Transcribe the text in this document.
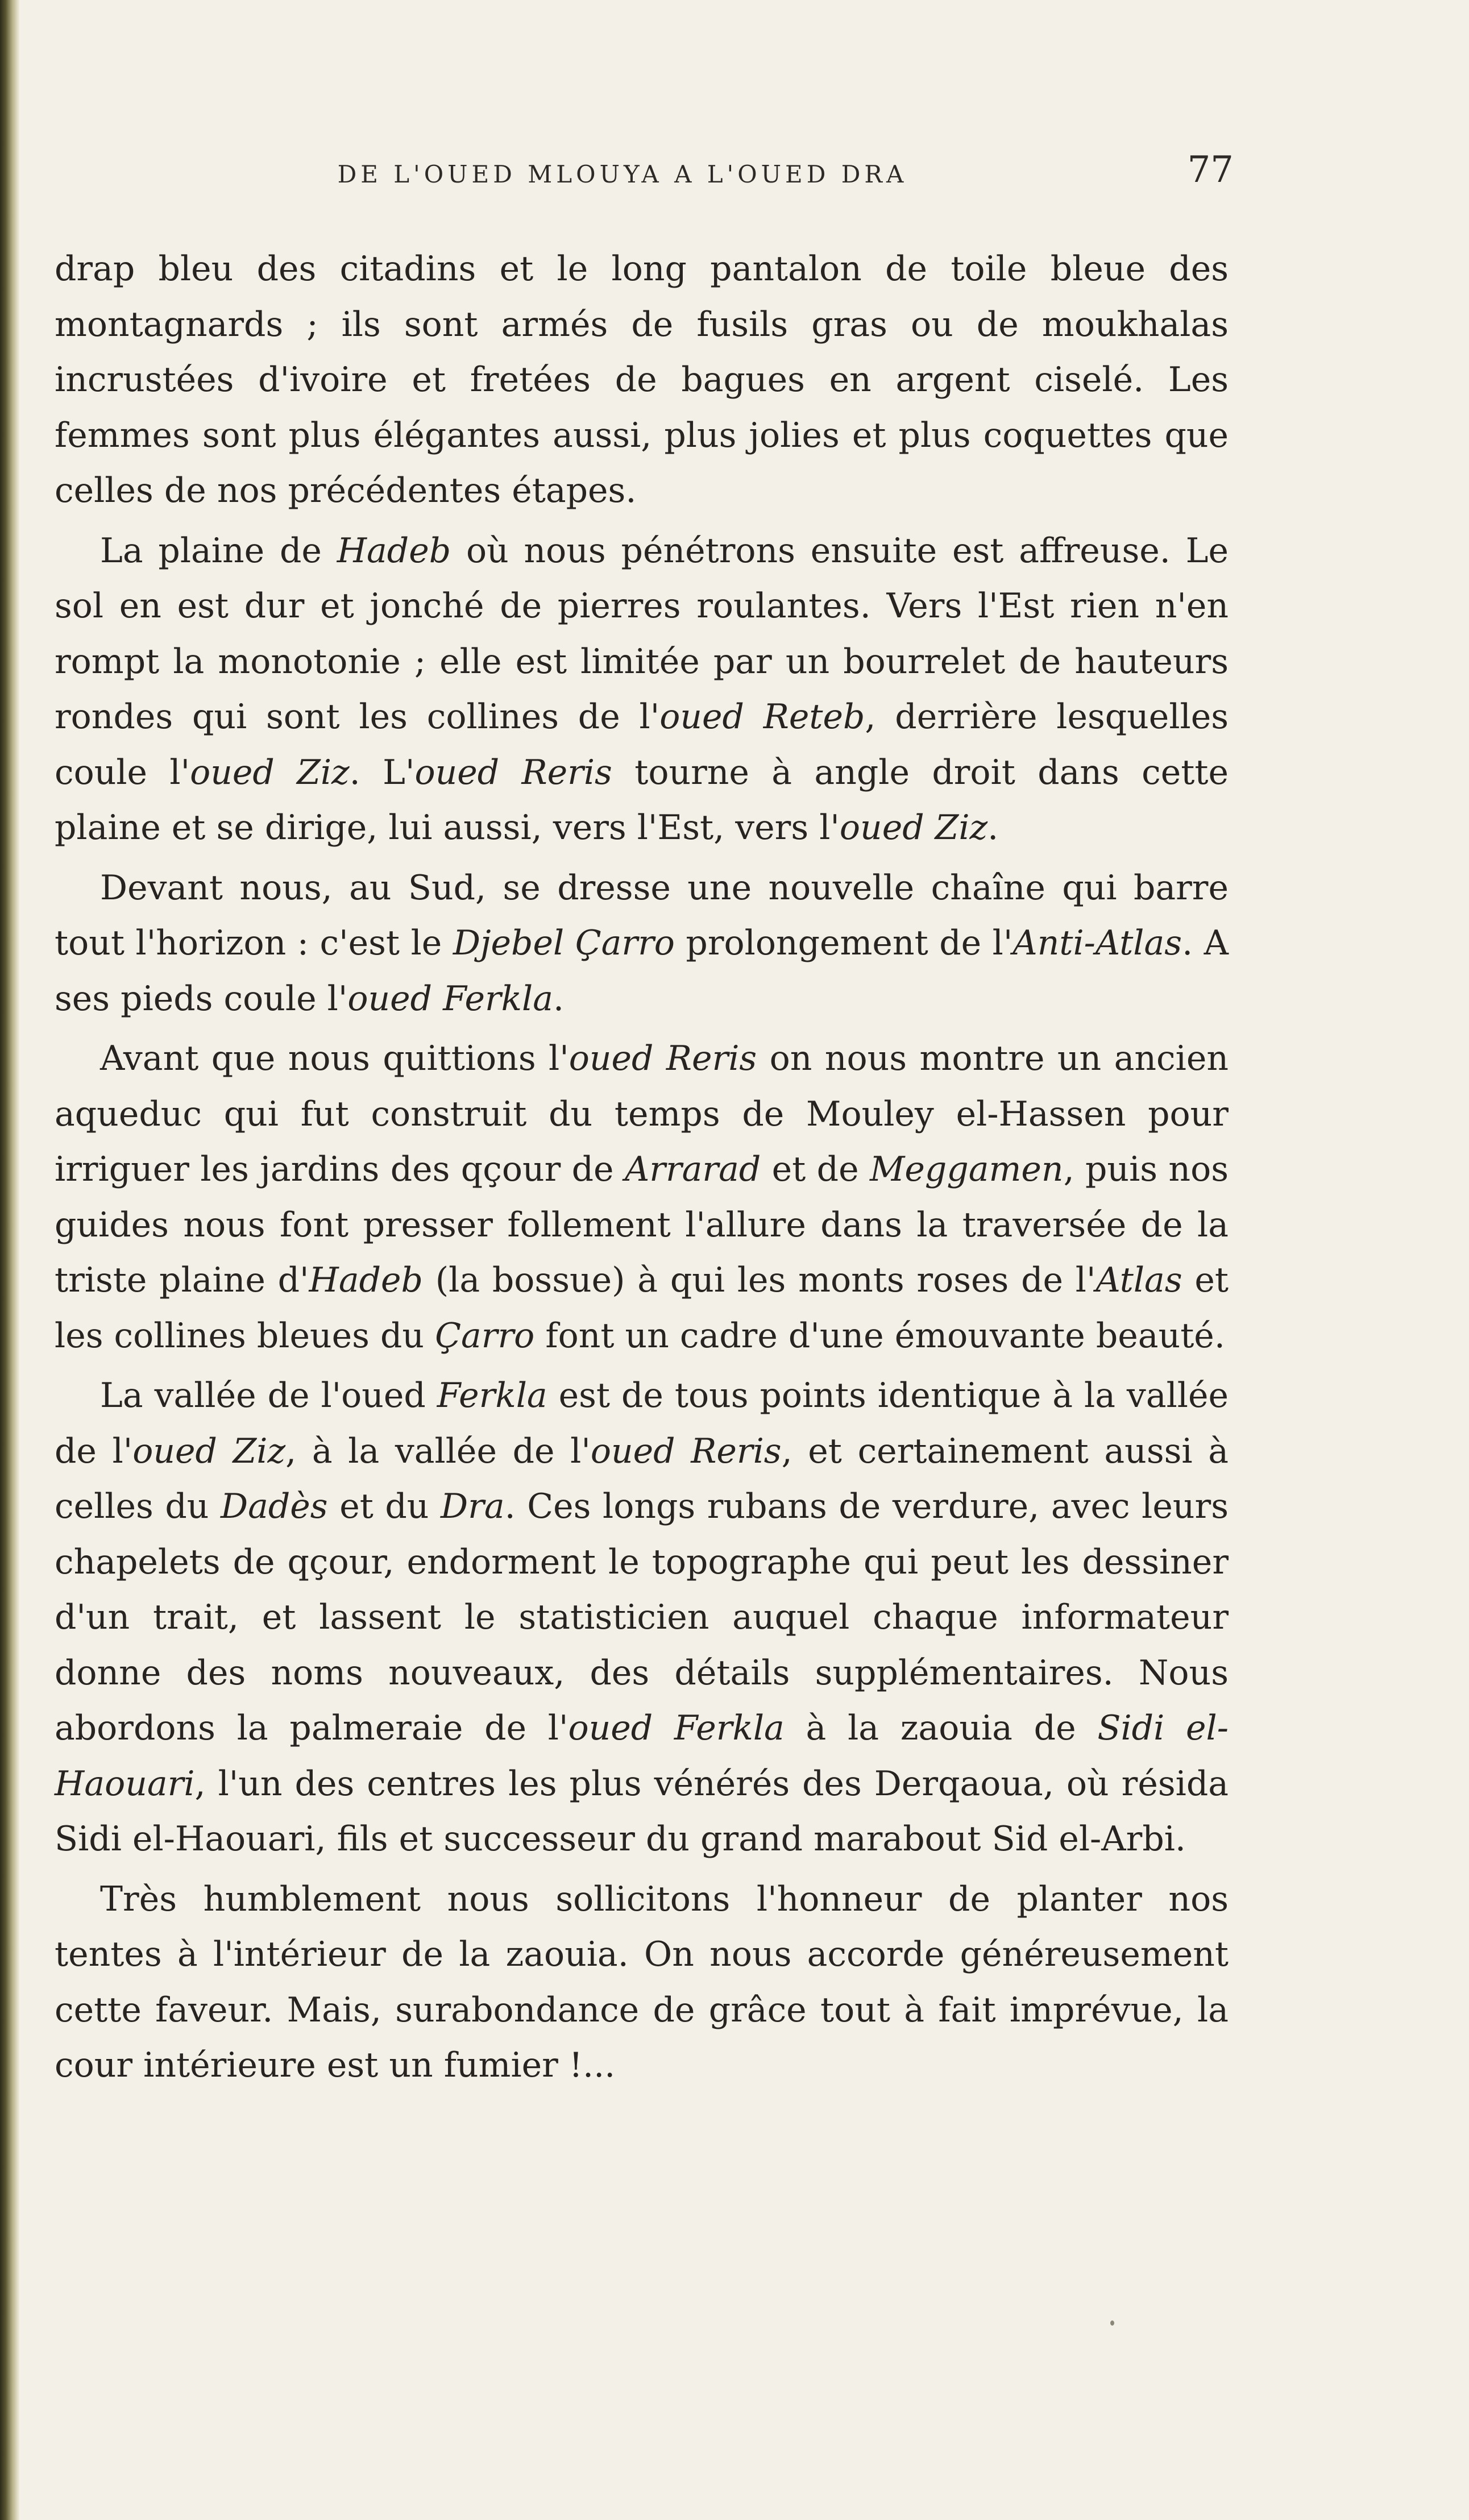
DE L'OUED MLOUYA A L'OUED DRA	77

drap bleu des citadins et le long pantalon de toile bleue des montagnards ; ils sont armés de fusils gras ou de moukhalas incrustées d'ivoire et fretées de bagues en argent ciselé. Les femmes sont plus élégantes aussi, plus jolies et plus coquettes que celles de nos précédentes étapes.

La plaine de Hadeb où nous pénétrons ensuite est affreuse. Le sol en est dur et jonché de pierres roulantes. Vers l'Est rien n'en rompt la monotonie ; elle est limitée par un bourrelet de hauteurs rondes qui sont les collines de l'oued Reteb, derrière lesquelles coule l'oued Ziz. L'oued Reris tourne à angle droit dans cette plaine et se dirige, lui aussi, vers l'Est, vers l'oued Ziz.

Devant nous, au Sud, se dresse une nouvelle chaîne qui barre tout l'horizon : c'est le Djebel Çarro prolongement de l'Anti-Atlas. A ses pieds coule l'oued Ferkla.

Avant que nous quittions l'oued Reris on nous montre un ancien aqueduc qui fut construit du temps de Mouley el-Hassen pour irriguer les jardins des qçour de Arrarad et de Meggamen, puis nos guides nous font presser follement l'allure dans la traversée de la triste plaine d'Hadeb (la bossue) à qui les monts roses de l'Atlas et les collines bleues du Çarro font un cadre d'une émouvante beauté.

La vallée de l'oued Ferkla est de tous points identique à la vallée de l'oued Ziz, à la vallée de l'oued Reris, et certainement aussi à celles du Dadès et du Dra. Ces longs rubans de verdure, avec leurs chapelets de qçour, endorment le topographe qui peut les dessiner d'un trait, et lassent le statisticien auquel chaque informateur donne des noms nouveaux, des détails supplémentaires. Nous abordons la palmeraie de l'oued Ferkla à la zaouia de Sidi el-Haouari, l'un des centres les plus vénérés des Derqaoua, où résida Sidi el-Haouari, fils et successeur du grand marabout Sid el-Arbi.

Très humblement nous sollicitons l'honneur de planter nos tentes à l'intérieur de la zaouia. On nous accorde généreusement cette faveur. Mais, surabondance de grâce tout à fait imprévue, la cour intérieure est un fumier !...
